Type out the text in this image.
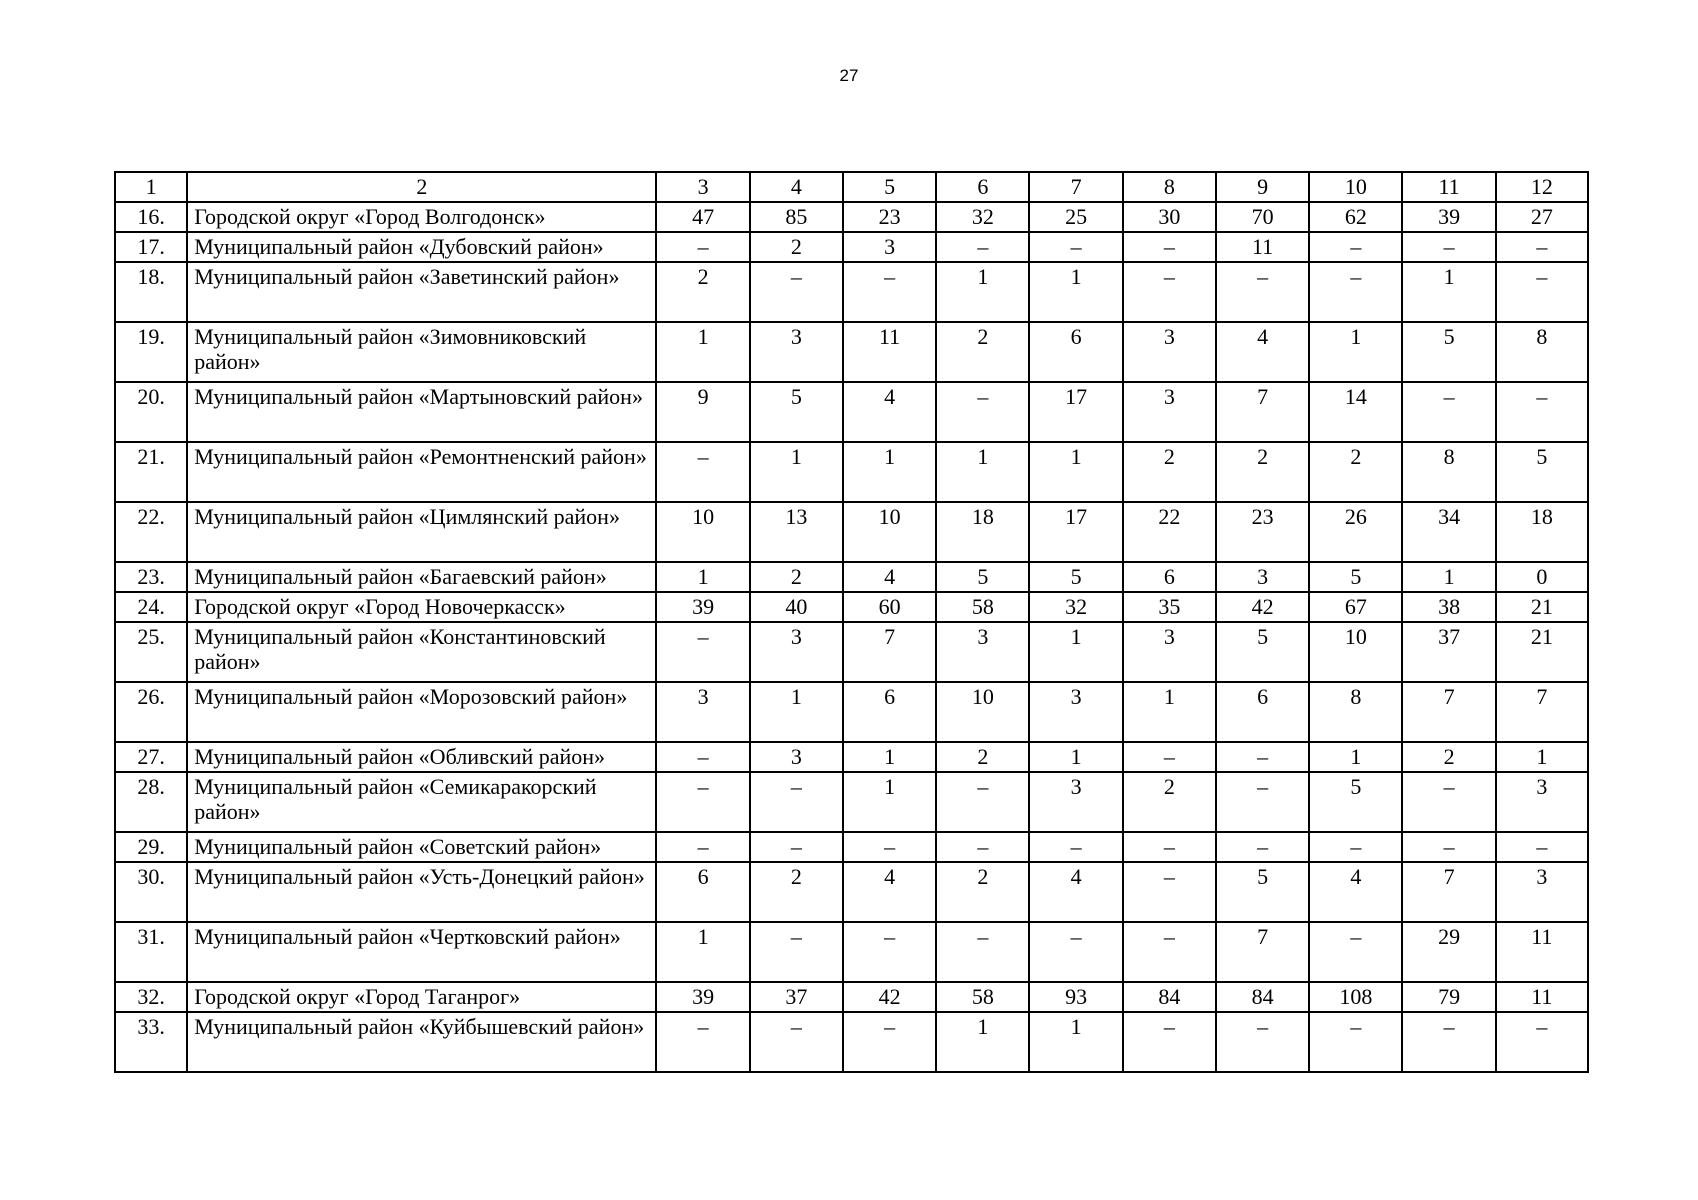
27
1	2	3	4	5	6	7	8	9	10	11	12
16.	Городской округ «Город Волгодонск»	47	85	23	32	25	30	70	62	39	27
17.	Муниципальный район «Дубовский район»	–	2	3	–	–	–	11	–	–	–
18.	Муниципальный район «Заветинский район»	2	–	–	1	1	–	–	–	1	–
19.	Муниципальный район «Зимовниковский район»	1	3	11	2	6	3	4	1	5	8
20.	Муниципальный район «Мартыновский район»	9	5	4	–	17	3	7	14	–	–
21.	Муниципальный район «Ремонтненский район»	–	1	1	1	1	2	2	2	8	5
22.	Муниципальный район «Цимлянский район»	10	13	10	18	17	22	23	26	34	18
23.	Муниципальный район «Багаевский район»	1	2	4	5	5	6	3	5	1	0
24.	Городской округ «Город Новочеркасск»	39	40	60	58	32	35	42	67	38	21
25.	Муниципальный район «Константиновский район»	–	3	7	3	1	3	5	10	37	21
26.	Муниципальный район «Морозовский район»	3	1	6	10	3	1	6	8	7	7
27.	Муниципальный район «Обливский район»	–	3	1	2	1	–	–	1	2	1
28.	Муниципальный район «Семикаракорский район»	–	–	1	–	3	2	–	5	–	3
29.	Муниципальный район «Советский район»	–	–	–	–	–	–	–	–	–	–
30.	Муниципальный район «Усть-Донецкий район»	6	2	4	2	4	–	5	4	7	3
31.	Муниципальный район «Чертковский район»	1	–	–	–	–	–	7	–	29	11
32.	Городской округ «Город Таганрог»	39	37	42	58	93	84	84	108	79	11
33.	Муниципальный район «Куйбышевский район»	–	–	–	1	1	–	–	–	–	–
